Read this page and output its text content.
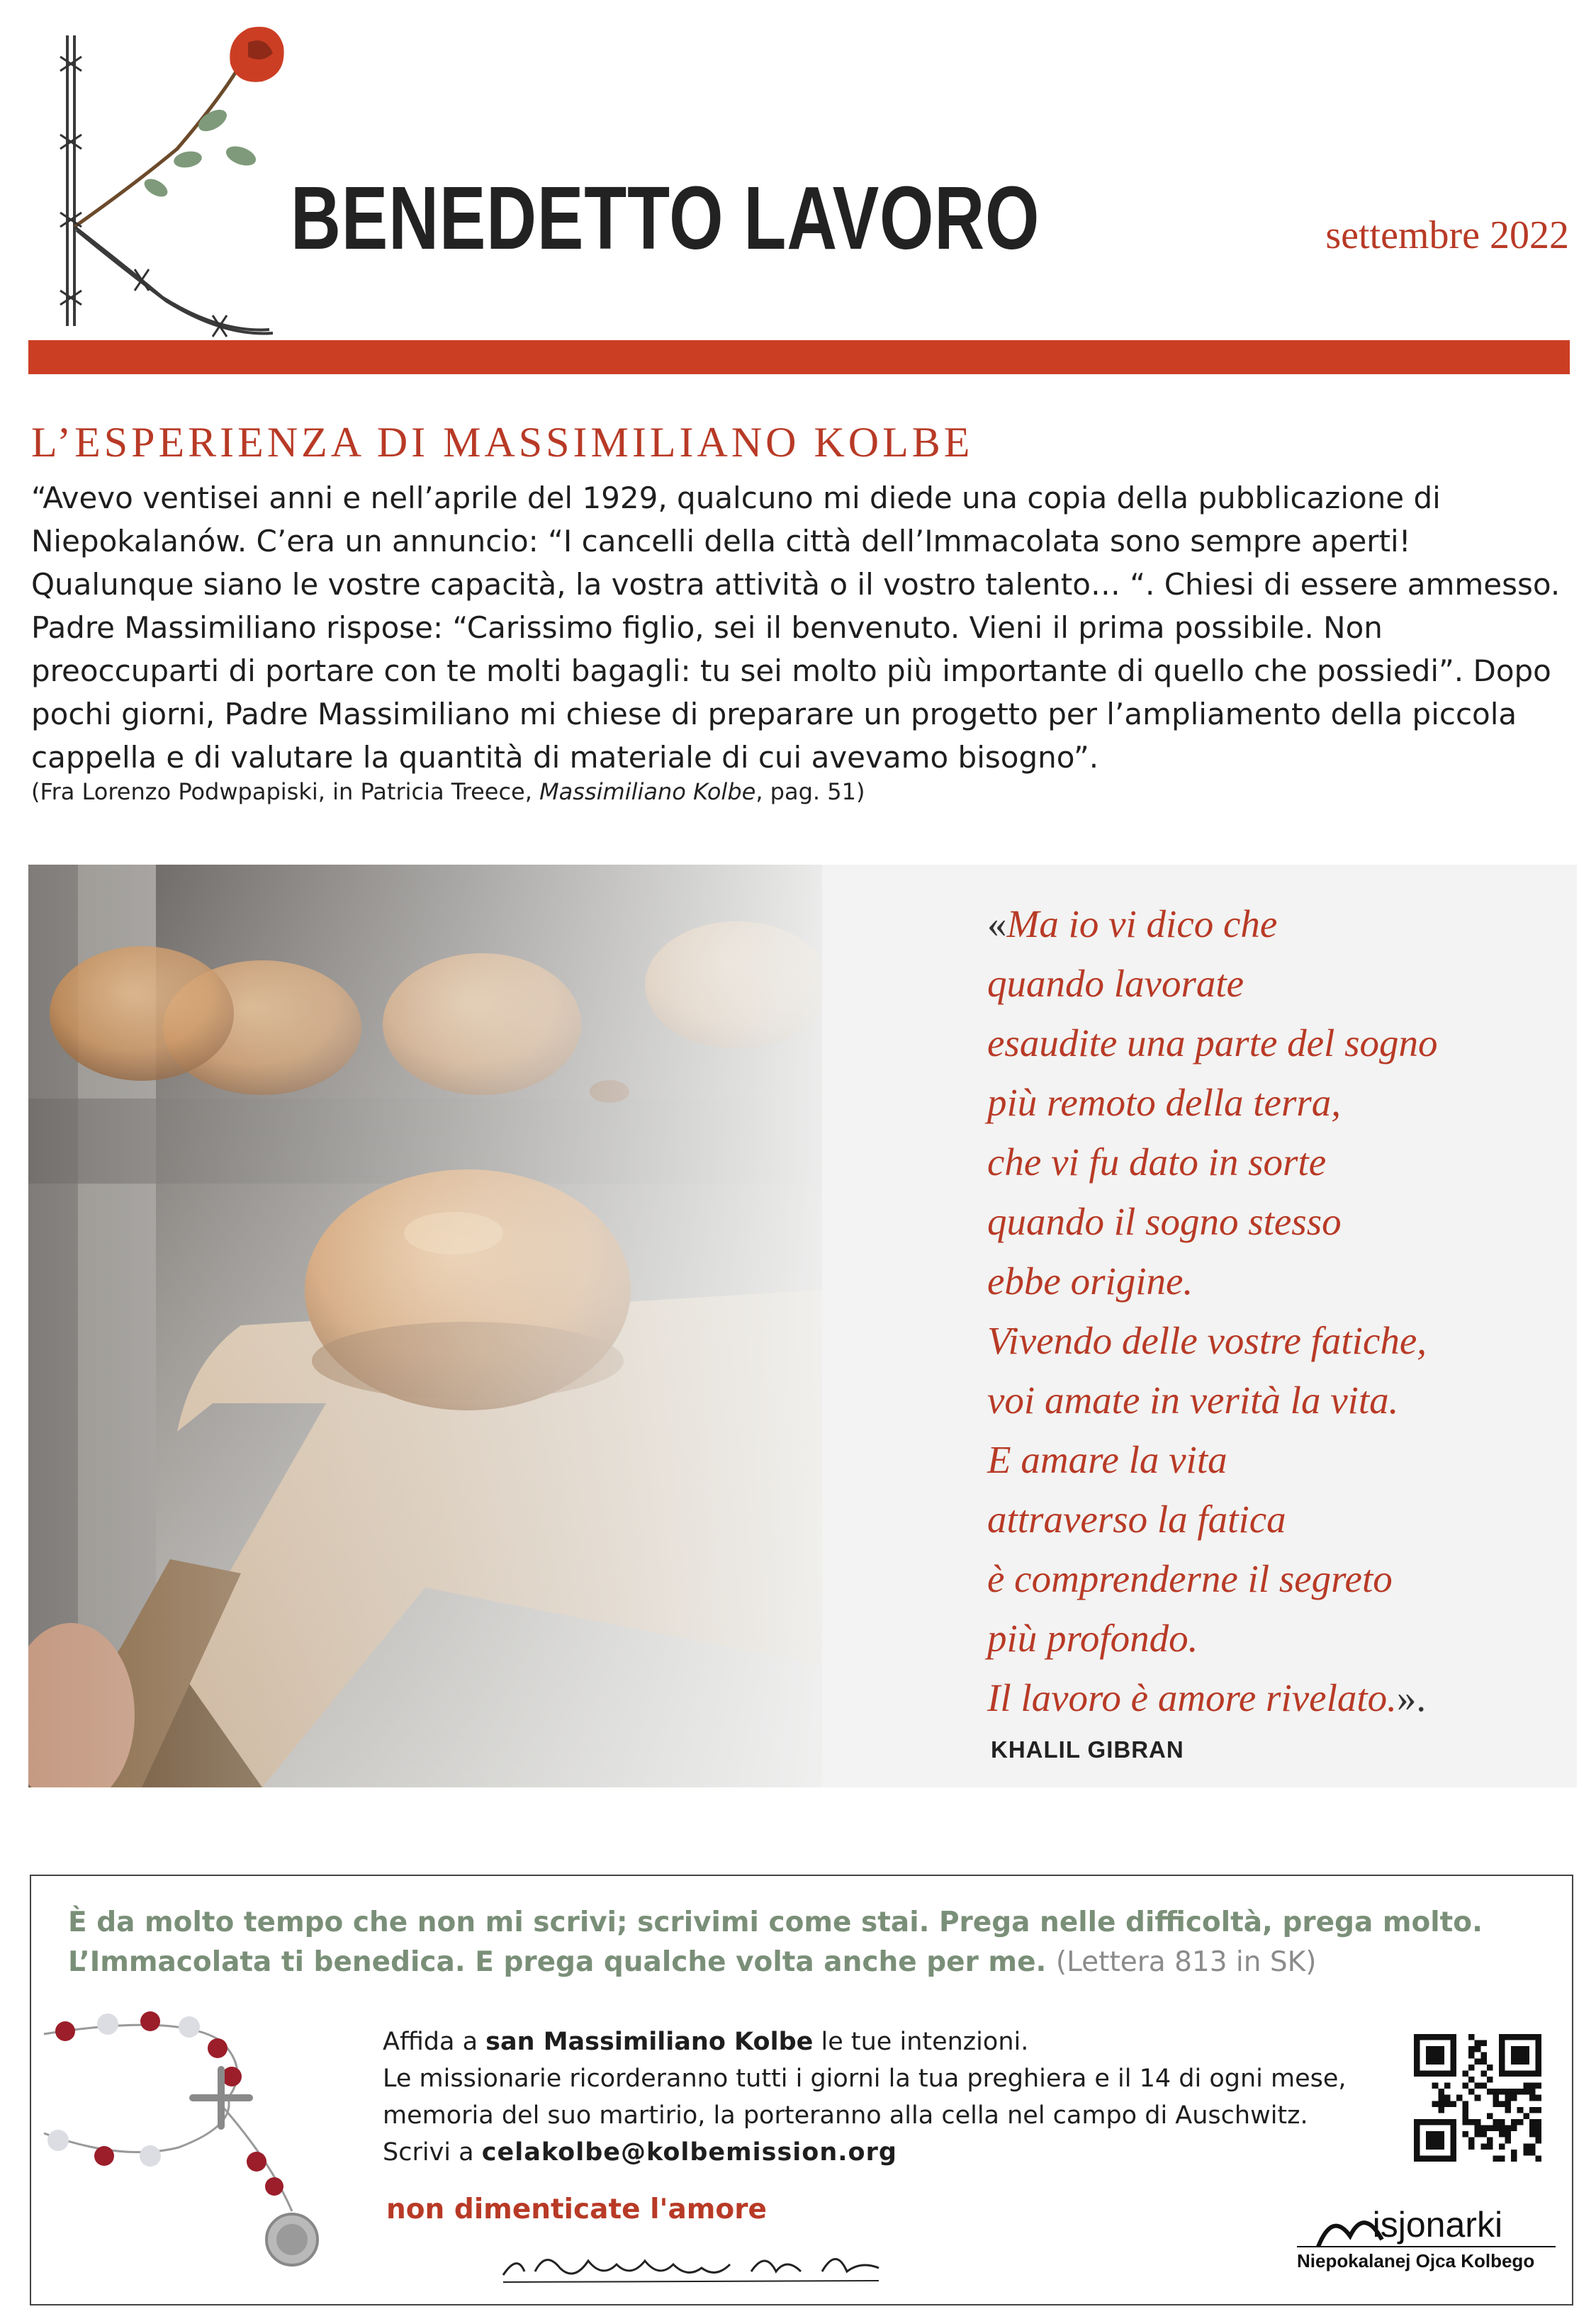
BENEDETTO LAVORO	settembre 2022
L’ESPERIENZA DI MASSIMILIANO KOLBE
“Avevo ventisei anni e nell’aprile del 1929, qualcuno mi diede una copia della pubblicazione di Niepokalanów. C’era un annuncio: “I cancelli della città dell’Immacolata sono sempre aperti! Qualunque siano le vostre capacità, la vostra attività o il vostro talento… “. Chiesi di essere ammesso. Padre Massimiliano rispose: “Carissimo figlio, sei il benvenuto. Vieni il prima possibile. Non preoccuparti di portare con te molti bagagli: tu sei molto più importante di quello che possiedi”. Dopo pochi giorni, Padre Massimiliano mi chiese di preparare un progetto per l’ampliamento della piccola cappella e di valutare la quantità di materiale di cui avevamo bisogno”.
(Fra Lorenzo Podwpapiski, in Patricia Treece, Massimiliano Kolbe, pag. 51)
«Ma io vi dico che
quando lavorate
esaudite una parte del sogno
più remoto della terra,
che vi fu dato in sorte
quando il sogno stesso
ebbe origine.
Vivendo delle vostre fatiche,
voi amate in verità la vita.
E amare la vita
attraverso la fatica
è comprenderne il segreto
più profondo.
Il lavoro è amore rivelato.».
KHALIL GIBRAN
È da molto tempo che non mi scrivi; scrivimi come stai. Prega nelle difficoltà, prega molto. L’Immacolata ti benedica. E prega qualche volta anche per me. (Lettera 813 in SK)
Affida a san Massimiliano Kolbe le tue intenzioni.
Le missionarie ricorderanno tutti i giorni la tua preghiera e il 14 di ogni mese, memoria del suo martirio, la porteranno alla cella nel campo di Auschwitz.
Scrivi a celakolbe@kolbemission.org
non dimenticate l'amore	isjonarki
Niepokalanej Ojca Kolbego
